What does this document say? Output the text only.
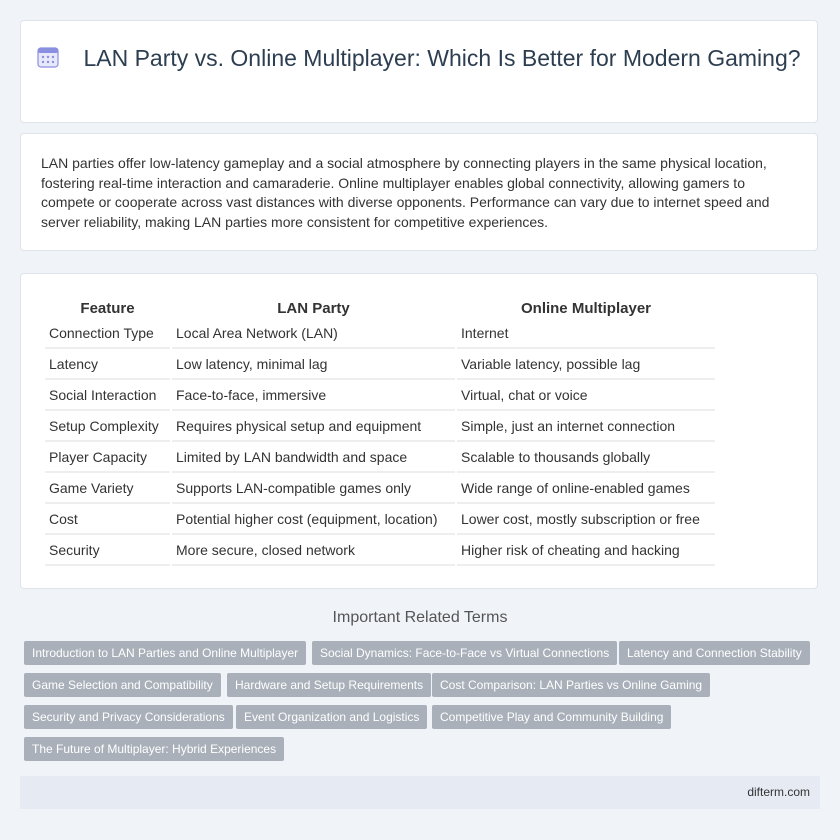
LAN Party vs. Online Multiplayer: Which Is Better for Modern Gaming?
LAN parties offer low-latency gameplay and a social atmosphere by connecting players in the same physical location, fostering real-time interaction and camaraderie. Online multiplayer enables global connectivity, allowing gamers to compete or cooperate across vast distances with diverse opponents. Performance can vary due to internet speed and server reliability, making LAN parties more consistent for competitive experiences.
Feature	LAN Party	Online Multiplayer
Connection Type	Local Area Network (LAN)	Internet
Latency	Low latency, minimal lag	Variable latency, possible lag
Social Interaction	Face-to-face, immersive	Virtual, chat or voice
Setup Complexity	Requires physical setup and equipment	Simple, just an internet connection
Player Capacity	Limited by LAN bandwidth and space	Scalable to thousands globally
Game Variety	Supports LAN-compatible games only	Wide range of online-enabled games
Cost	Potential higher cost (equipment, location)	Lower cost, mostly subscription or free
Security	More secure, closed network	Higher risk of cheating and hacking
Important Related Terms
Introduction to LAN Parties and Online Multiplayer	Social Dynamics: Face-to-Face vs Virtual Connections	Latency and Connection Stability
Game Selection and Compatibility	Hardware and Setup Requirements	Cost Comparison: LAN Parties vs Online Gaming
Security and Privacy Considerations	Event Organization and Logistics	Competitive Play and Community Building
The Future of Multiplayer: Hybrid Experiences
difterm.com
